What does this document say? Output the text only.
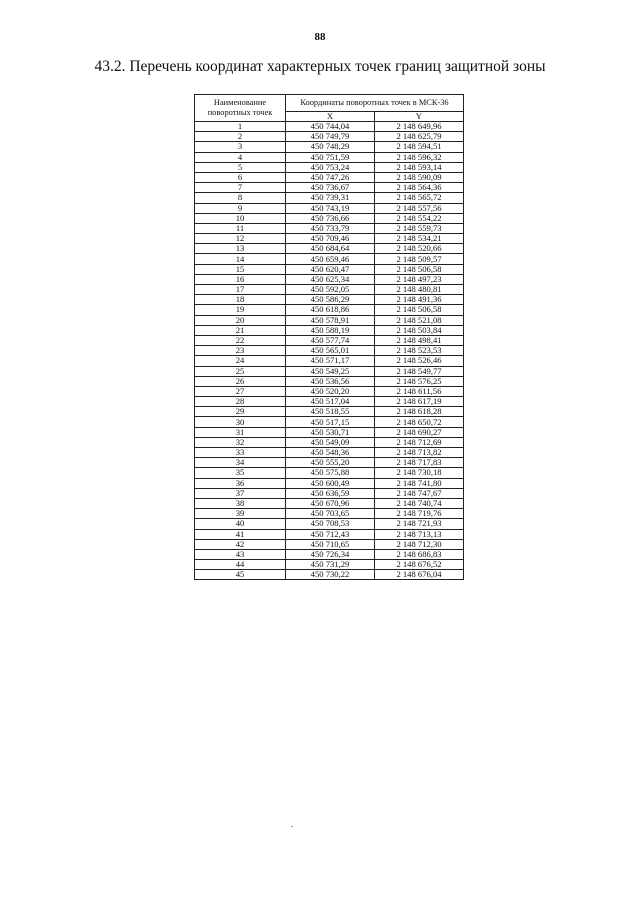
88
43.2. Перечень координат характерных точек границ защитной зоны
Наименование
поворотных точек	Координаты поворотных точек в МСК-36	
	X	Y
1	450 744,04	2 148 649,96
2	450 749,79	2 148 625,79
3	450 748,29	2 148 594,51
4	450 751,59	2 148 596,32
5	450 753,24	2 148 593,14
6	450 747,26	2 148 590,09
7	450 736,67	2 148 564,36
8	450 739,31	2 148 565,72
9	450 743,19	2 148 557,56
10	450 736,66	2 148 554,22
11	450 733,79	2 148 559,73
12	450 709,46	2 148 534,21
13	450 684,64	2 148 520,66
14	450 659,46	2 148 509,57
15	450 620,47	2 148 506,58
16	450 625,34	2 148 497,23
17	450 592,05	2 148 480,81
18	450 586,29	2 148 491,36
19	450 618,86	2 148 506,58
20	450 578,91	2 148 521,08
21	450 588,19	2 148 503,84
22	450 577,74	2 148 498,41
23	450 565,01	2 148 523,53
24	450 571,17	2 148 526,46
25	450 549,25	2 148 549,77
26	450 536,56	2 148 576,25
27	450 520,20	2 148 611,56
28	450 517,04	2 148 617,19
29	450 518,55	2 148 618,28
30	450 517,15	2 148 650,72
31	450 530,71	2 148 690,27
32	450 549,09	2 148 712,69
33	450 548,36	2 148 713,82
34	450 555,20	2 148 717,83
35	450 575,88	2 148 730,18
36	450 600,49	2 148 741,80
37	450 636,59	2 148 747,67
38	450 670,96	2 148 740,74
39	450 703,65	2 148 719,76
40	450 708,53	2 148 721,93
41	450 712,43	2 148 713,13
42	450 710,65	2 148 712,30
43	450 726,34	2 148 686,83
44	450 731,29	2 148 676,52
45	450 730,22	2 148 676,04
